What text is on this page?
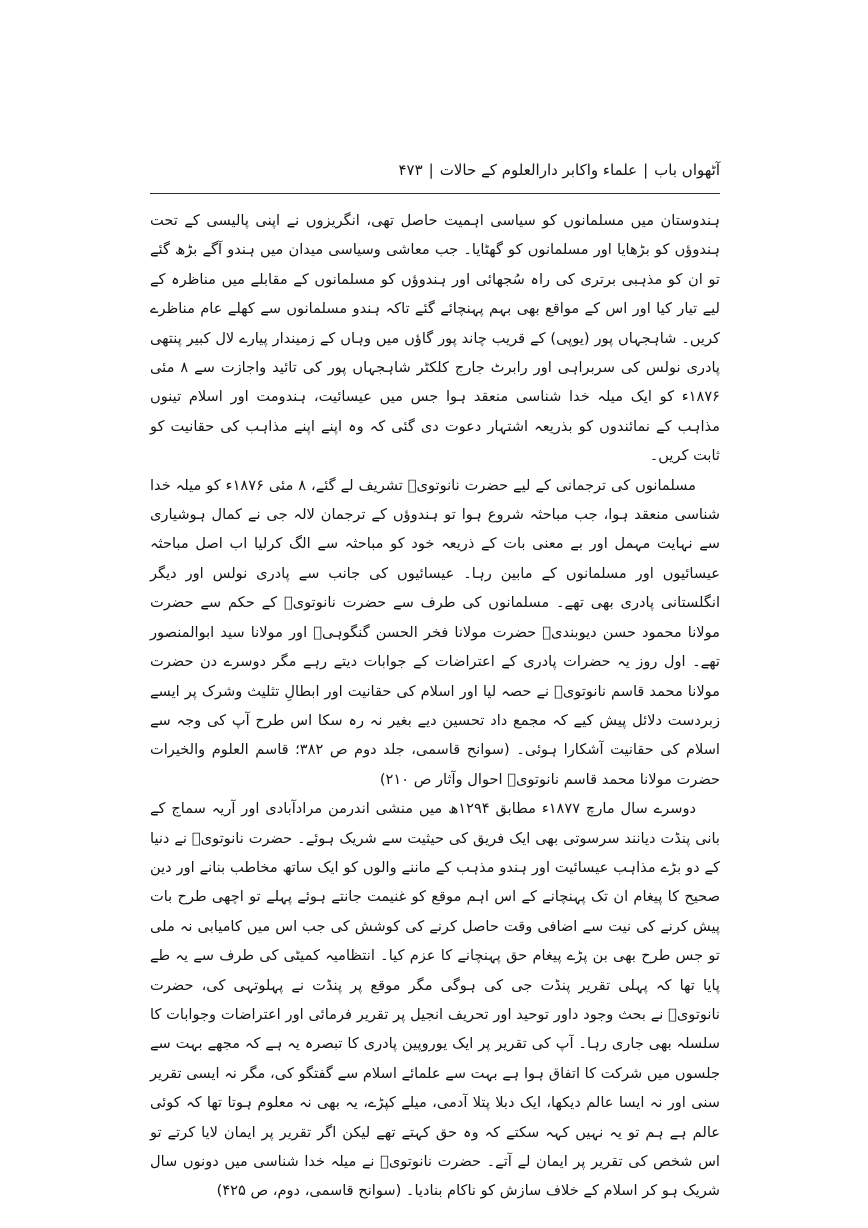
آٹھواں باب|علماء واکابر دارالعلوم کے حالات|۴۷۳

ہندوستان میں مسلمانوں کو سیاسی اہمیت حاصل تھی، انگریزوں نے اپنی پالیسی کے تحت ہندوؤں کو بڑھایا اور مسلمانوں کو گھٹایا۔ جب معاشی وسیاسی میدان میں ہندو آگے بڑھ گئے تو ان کو مذہبی برتری کی راہ سُجھائی اور ہندوؤں کو مسلمانوں کے مقابلے میں مناظرہ کے لیے تیار کیا اور اس کے مواقع بھی بہم پہنچائے گئے تاکہ ہندو مسلمانوں سے کھلے عام مناظرے کریں۔ شاہجہاں پور (یوپی) کے قریب چاند پور گاؤں میں وہاں کے زمیندار پیارے لال کبیر پنتھی پادری نولس کی سربراہی اور رابرٹ جارج کلکٹر شاہجہاں پور کی تائید واجازت سے ۸ مئی ۱۸۷۶ء کو ایک میلہ خدا شناسی منعقد ہوا جس میں عیسائیت، ہندومت اور اسلام تینوں مذاہب کے نمائندوں کو بذریعہ اشتہار دعوت دی گئی کہ وہ اپنے اپنے مذاہب کی حقانیت کو ثابت کریں۔

مسلمانوں کی ترجمانی کے لیے حضرت نانوتویؒ تشریف لے گئے، ۸ مئی ۱۸۷۶ء کو میلہ خدا شناسی منعقد ہوا، جب مباحثہ شروع ہوا تو ہندوؤں کے ترجمان لالہ جی نے کمال ہوشیاری سے نہایت مہمل اور بے معنی بات کے ذریعہ خود کو مباحثہ سے الگ کرلیا اب اصل مباحثہ عیسائیوں اور مسلمانوں کے مابین رہا۔ عیسائیوں کی جانب سے پادری نولس اور دیگر انگلستانی پادری بھی تھے۔ مسلمانوں کی طرف سے حضرت نانوتویؒ کے حکم سے حضرت مولانا محمود حسن دیوبندیؒ حضرت مولانا فخر الحسن گنگوہیؒ اور مولانا سید ابوالمنصور تھے۔ اول روز یہ حضرات پادری کے اعتراضات کے جوابات دیتے رہے مگر دوسرے دن حضرت مولانا محمد قاسم نانوتویؒ نے حصہ لیا اور اسلام کی حقانیت اور ابطالِ تثلیث وشرک پر ایسے زبردست دلائل پیش کیے کہ مجمع داد تحسین دیے بغیر نہ رہ سکا اس طرح آپ کی وجہ سے اسلام کی حقانیت آشکارا ہوئی۔ (سوانح قاسمی، جلد دوم ص ۳۸۲؛ قاسم العلوم والخیرات حضرت مولانا محمد قاسم نانوتویؒ احوال وآثار ص ۲۱۰)

دوسرے سال مارچ ۱۸۷۷ء مطابق ۱۲۹۴ھ میں منشی اندرمن مرادآبادی اور آریہ سماج کے بانی پنڈت دیانند سرسوتی بھی ایک فریق کی حیثیت سے شریک ہوئے۔ حضرت نانوتویؒ نے دنیا کے دو بڑے مذاہب عیسائیت اور ہندو مذہب کے ماننے والوں کو ایک ساتھ مخاطب بنانے اور دین صحیح کا پیغام ان تک پہنچانے کے اس اہم موقع کو غنیمت جانتے ہوئے پہلے تو اچھی طرح بات پیش کرنے کی نیت سے اضافی وقت حاصل کرنے کی کوشش کی جب اس میں کامیابی نہ ملی تو جس طرح بھی بن پڑے پیغام حق پہنچانے کا عزم کیا۔ انتظامیہ کمیٹی کی طرف سے یہ طے پایا تھا کہ پہلی تقریر پنڈت جی کی ہوگی مگر موقع پر پنڈت نے پہلوتہی کی، حضرت نانوتویؒ نے بحث وجود داور توحید اور تحریف انجیل پر تقریر فرمائی اور اعتراضات وجوابات کا سلسلہ بھی جاری رہا۔ آپ کی تقریر پر ایک یوروپین پادری کا تبصرہ یہ ہے کہ مجھے بہت سے جلسوں میں شرکت کا اتفاق ہوا ہے بہت سے علمائے اسلام سے گفتگو کی، مگر نہ ایسی تقریر سنی اور نہ ایسا عالم دیکھا، ایک دبلا پتلا آدمی، میلے کپڑے، یہ بھی نہ معلوم ہوتا تھا کہ کوئی عالم ہے ہم تو یہ نہیں کہہ سکتے کہ وہ حق کہتے تھے لیکن اگر تقریر پر ایمان لایا کرتے تو اس شخص کی تقریر پر ایمان لے آتے۔ حضرت نانوتویؒ نے میلہ خدا شناسی میں دونوں سال شریک ہو کر اسلام کے خلاف سازش کو ناکام بنادیا۔ (سوانح قاسمی، دوم، ص ۴۲۵)
